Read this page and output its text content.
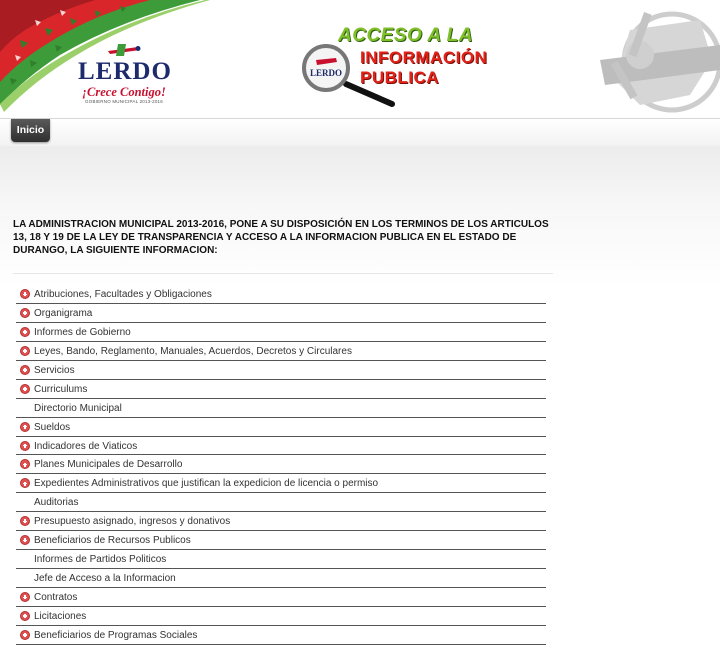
LERDO
¡Crece Contigo!
GOBIERNO MUNICIPAL 2013-2016
LERDO
ACCESO A LA
INFORMACIÓN
PUBLICA
Inicio

LA ADMINISTRACION MUNICIPAL 2013-2016, PONE A SU DISPOSICIÓN EN LOS TERMINOS DE LOS ARTICULOS 13, 18 Y 19 DE LA LEY DE TRANSPARENCIA Y ACCESO A LA INFORMACION PUBLICA EN EL ESTADO DE DURANGO, LA SIGUIENTE INFORMACION:

Atribuciones, Facultades y Obligaciones
Organigrama
Informes de Gobierno
Leyes, Bando, Reglamento, Manuales, Acuerdos, Decretos y Circulares
Servicios
Curriculums
Directorio Municipal
Sueldos
Indicadores de Viaticos
Planes Municipales de Desarrollo
Expedientes Administrativos que justifican la expedicion de licencia o permiso
Auditorias
Presupuesto asignado, ingresos y donativos
Beneficiarios de Recursos Publicos
Informes de Partidos Politicos
Jefe de Acceso a la Informacion
Contratos
Licitaciones
Beneficiarios de Programas Sociales
